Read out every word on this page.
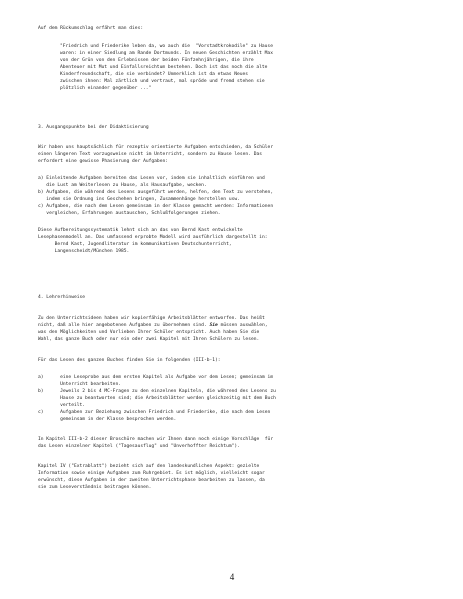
Auf dem Rückumschlag erfährt man dies:
"Friedrich und Friederike leben da, wo auch die  "Vorstadtkrokodile" zu Hause
waren: in einer Siedlung am Rande Dortmunds. In neuen Geschichten erzählt Max
von der Grün von den Erlebnissen der beiden Fünfzehnjährigen, die ihre
Abenteuer mit Mut und Einfallsreichtum bestehen. Doch ist das noch die alte
Kinderfreundschaft, die sie verbindet? Unmerklich ist da etwas Neues
zwischen ihnen: Mal zärtlich und vertraut, mal spröde und fremd stehen sie
plötzlich einander gegenüber ..."
3. Ausgangspunkte bei der Didaktisierung
Wir haben uns hauptsächlich für rezeptiv orientierte Aufgaben entschieden, da Schüler
einen längeren Text vorzugsweise nicht im Unterricht, sondern zu Hause lesen. Das
erfordert eine gewisse Phasierung der Aufgaben:
a) Einleitende Aufgaben bereiten das Lesen vor, indem sie inhaltlich einführen und
die Lust am Weiterlesen zu Hause, als Hausaufgabe, wecken.
b) Aufgaben, die während des Lesens ausgeführt werden, helfen, den Text zu verstehen,
indem sie Ordnung ins Geschehen bringen, Zusammenhänge herstellen usw.
c) Aufgaben, die nach dem Lesen gemeinsam in der Klasse gemacht werden: Informationen
vergleichen, Erfahrungen austauschen, Schlußfolgerungen ziehen.
Diese Aufbereitungssystematik lehnt sich an das von Bernd Kast entwickelte
Lesephasenmodell an. Das umfassend erprobte Modell wird ausführlich dargestellt in:
Bernd Kast, Jugendliteratur im kommunikativen Deutschunterricht,
Langenscheidt/München 1985.
4. Lehrerhinweise
Zu den Unterrichtsideen haben wir kopierfähige Arbeitsblätter entworfen. Das heißt
nicht, daß alle hier angebotenen Aufgaben zu übernehmen sind. Sie müssen auswählen,
was den Möglichkeiten und Vorlieben Ihrer Schüler entspricht. Auch haben Sie die
Wahl, das ganze Buch oder nur ein oder zwei Kapitel mit Ihren Schülern zu lesen.
Für das Lesen des ganzen Buches finden Sie in folgenden (III-b-1):
a)      eine Leseprobe aus dem ersten Kapitel als Aufgabe vor dem Lesen; gemeinsam im
Unterricht bearbeiten.
b)      Jeweils 2 bis 4 MC-Fragen zu den einzelnen Kapiteln, die während des Lesens zu
Hause zu beantworten sind; die Arbeitsblätter werden gleichzeitig mit dem Buch
verteilt.
c)      Aufgaben zur Beziehung zwischen Friedrich und Friederike, die nach dem Lesen
gemeinsam in der Klasse besprochen werden.
In Kapitel III-b-2 dieser Broschüre machen wir Ihnen dann noch einige Vorschläge  für
das Lesen einzelner Kapitel ("Tagesausflug" und "Unverhoffter Reichtum").
Kapitel IV ("Extrablatt") bezieht sich auf den landeskundlichen Aspekt: gezielte
Information sowie einige Aufgaben zum Ruhrgebiet. Es ist möglich, vielleicht sogar
erwünscht, diese Aufgaben in der zweiten Unterrichtsphase bearbeiten zu lassen, da
sie zum Leseverständnis beitragen können.
4
